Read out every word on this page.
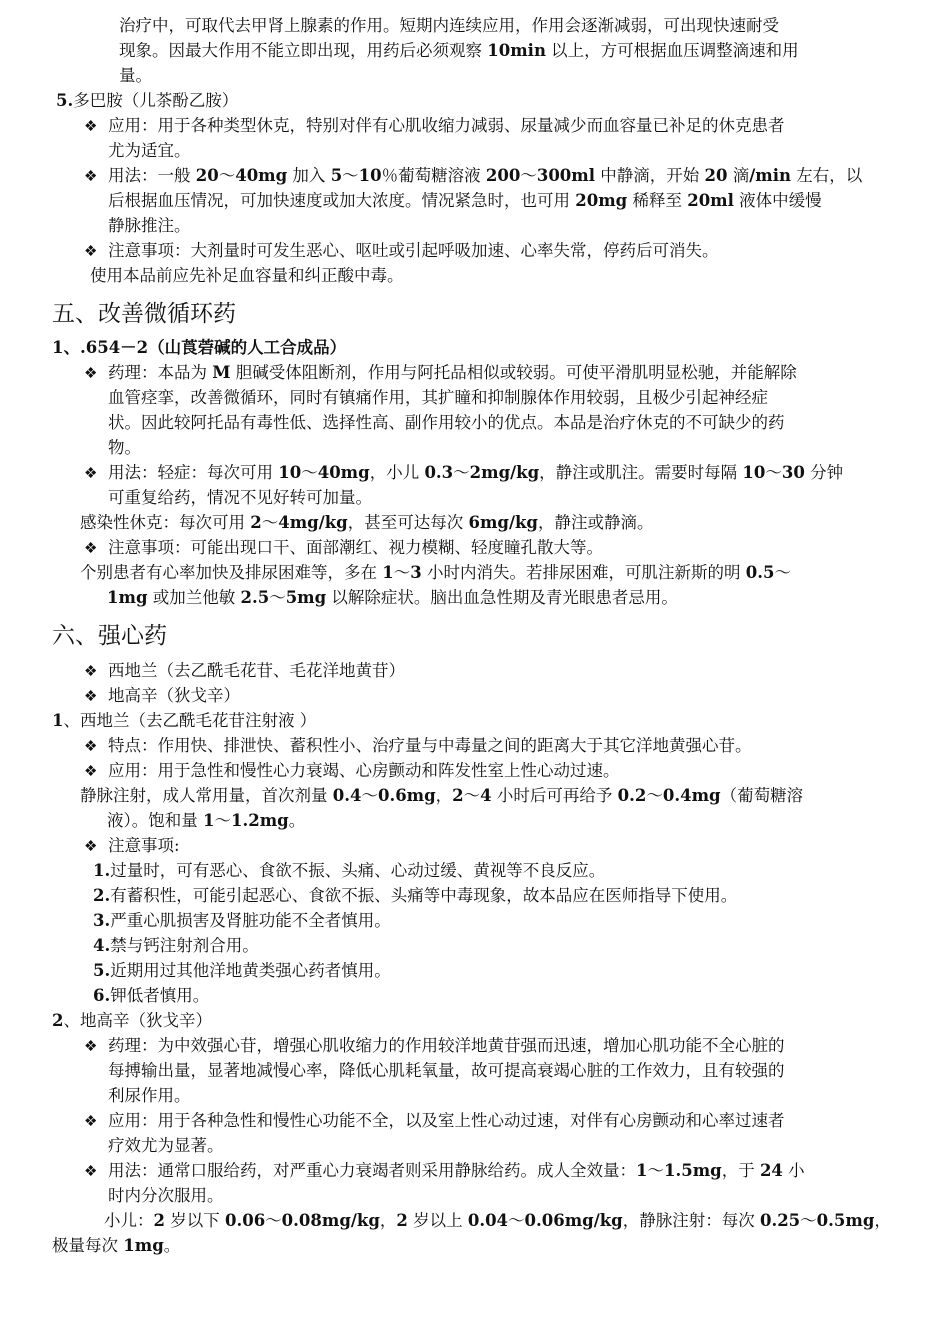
治疗中，可取代去甲肾上腺素的作用。短期内连续应用，作用会逐渐减弱，可出现快速耐受
现象。因最大作用不能立即出现，用药后必须观察 10min 以上，方可根据血压调整滴速和用
量。
5.多巴胺（儿茶酚乙胺）
❖ 应用：用于各种类型休克，特别对伴有心肌收缩力减弱、尿量减少而血容量已补足的休克患者
尤为适宜。
❖ 用法：一般 20～40mg 加入 5～10％葡萄糖溶液 200～300ml 中静滴，开始 20 滴/min 左右，以
后根据血压情况，可加快速度或加大浓度。情况紧急时，也可用 20mg 稀释至 20ml 液体中缓慢
静脉推注。
❖ 注意事项：大剂量时可发生恶心、呕吐或引起呼吸加速、心率失常，停药后可消失。
使用本品前应先补足血容量和纠正酸中毒。
五、改善微循环药
1、.654－2（山莨菪碱的人工合成品）
❖ 药理：本品为 M 胆碱受体阻断剂，作用与阿托品相似或较弱。可使平滑肌明显松驰，并能解除
血管痉挛，改善微循环，同时有镇痛作用，其扩瞳和抑制腺体作用较弱，且极少引起神经症
状。因此较阿托品有毒性低、选择性高、副作用较小的优点。本品是治疗休克的不可缺少的药
物。
❖ 用法：轻症：每次可用 10～40mg，小儿 0.3～2mg/kg，静注或肌注。需要时每隔 10～30 分钟
可重复给药，情况不见好转可加量。
感染性休克：每次可用 2～4mg/kg，甚至可达每次 6mg/kg，静注或静滴。
❖ 注意事项：可能出现口干、面部潮红、视力模糊、轻度瞳孔散大等。
个别患者有心率加快及排尿困难等，多在 1～3 小时内消失。若排尿困难，可肌注新斯的明 0.5～
1mg 或加兰他敏 2.5～5mg 以解除症状。脑出血急性期及青光眼患者忌用。
六、强心药
❖ 西地兰（去乙酰毛花苷、毛花洋地黄苷）
❖ 地高辛（狄戈辛）
1、西地兰（去乙酰毛花苷注射液 ）
❖ 特点：作用快、排泄快、蓄积性小、治疗量与中毒量之间的距离大于其它洋地黄强心苷。
❖ 应用：用于急性和慢性心力衰竭、心房颤动和阵发性室上性心动过速。
静脉注射，成人常用量，首次剂量 0.4～0.6mg，2～4 小时后可再给予 0.2～0.4mg（葡萄糖溶
液）。饱和量 1～1.2mg。
❖ 注意事项:
1.过量时，可有恶心、食欲不振、头痛、心动过缓、黄视等不良反应。
2.有蓄积性，可能引起恶心、食欲不振、头痛等中毒现象，故本品应在医师指导下使用。
3.严重心肌损害及肾脏功能不全者慎用。
4.禁与钙注射剂合用。
5.近期用过其他洋地黄类强心药者慎用。
6.钾低者慎用。
2、地高辛（狄戈辛）
❖ 药理：为中效强心苷，增强心肌收缩力的作用较洋地黄苷强而迅速，增加心肌功能不全心脏的
每搏输出量，显著地减慢心率，降低心肌耗氧量，故可提高衰竭心脏的工作效力，且有较强的
利尿作用。
❖ 应用：用于各种急性和慢性心功能不全，以及室上性心动过速，对伴有心房颤动和心率过速者
疗效尤为显著。
❖ 用法：通常口服给药，对严重心力衰竭者则采用静脉给药。成人全效量：1～1.5mg，于 24 小
时内分次服用。
小儿：2 岁以下 0.06～0.08mg/kg，2 岁以上 0.04～0.06mg/kg，静脉注射：每次 0.25～0.5mg，
极量每次 1mg。
